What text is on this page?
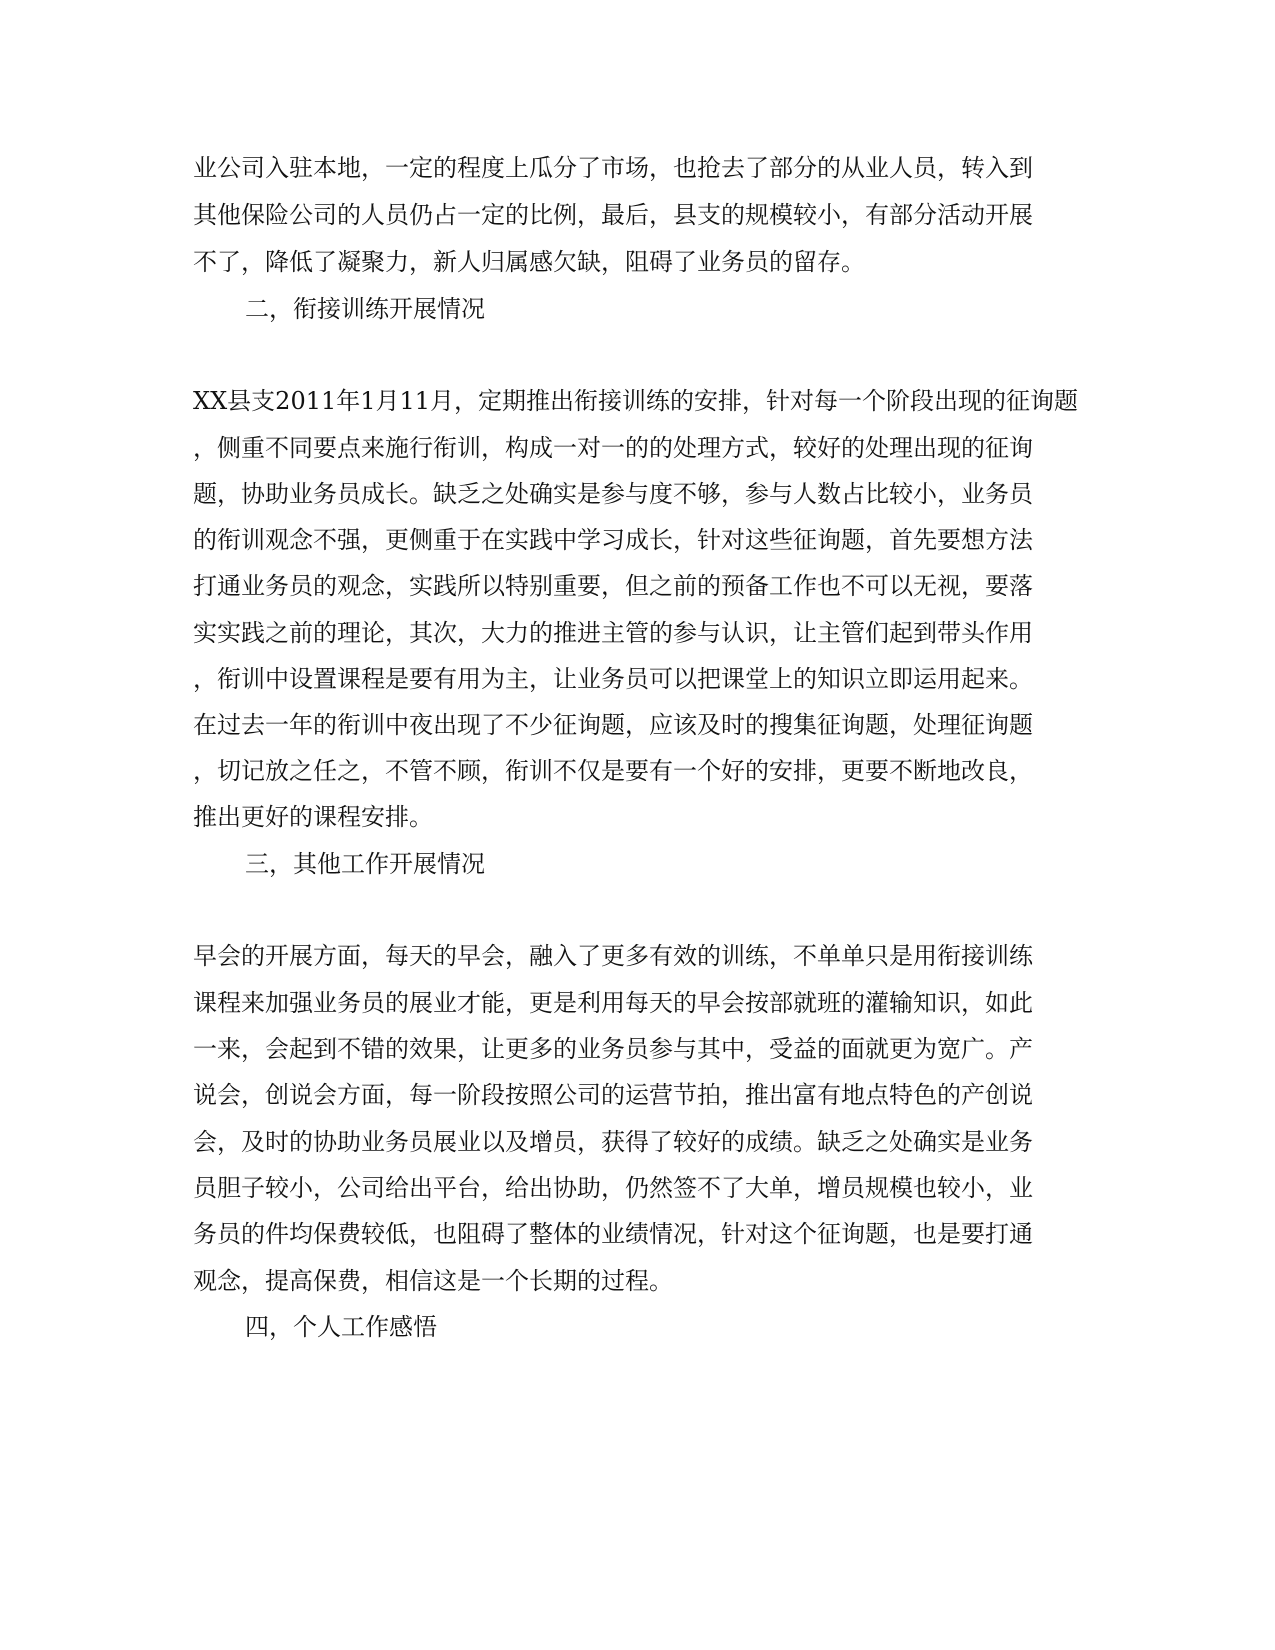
业公司入驻本地，一定的程度上瓜分了市场，也抢去了部分的从业人员，转入到
其他保险公司的人员仍占一定的比例，最后，县支的规模较小，有部分活动开展
不了，降低了凝聚力，新人归属感欠缺，阻碍了业务员的留存。
二，衔接训练开展情况
XX县支2011年1月11月，定期推出衔接训练的安排，针对每一个阶段出现的征询题
，侧重不同要点来施行衔训，构成一对一的的处理方式，较好的处理出现的征询
题，协助业务员成长。缺乏之处确实是参与度不够，参与人数占比较小，业务员
的衔训观念不强，更侧重于在实践中学习成长，针对这些征询题，首先要想方法
打通业务员的观念，实践所以特别重要，但之前的预备工作也不可以无视，要落
实实践之前的理论，其次，大力的推进主管的参与认识，让主管们起到带头作用
，衔训中设置课程是要有用为主，让业务员可以把课堂上的知识立即运用起来。
在过去一年的衔训中夜出现了不少征询题，应该及时的搜集征询题，处理征询题
，切记放之任之，不管不顾，衔训不仅是要有一个好的安排，更要不断地改良，
推出更好的课程安排。
三，其他工作开展情况
早会的开展方面，每天的早会，融入了更多有效的训练，不单单只是用衔接训练
课程来加强业务员的展业才能，更是利用每天的早会按部就班的灌输知识，如此
一来，会起到不错的效果，让更多的业务员参与其中，受益的面就更为宽广。产
说会，创说会方面，每一阶段按照公司的运营节拍，推出富有地点特色的产创说
会，及时的协助业务员展业以及增员，获得了较好的成绩。缺乏之处确实是业务
员胆子较小，公司给出平台，给出协助，仍然签不了大单，增员规模也较小，业
务员的件均保费较低，也阻碍了整体的业绩情况，针对这个征询题，也是要打通
观念，提高保费，相信这是一个长期的过程。
四，个人工作感悟
